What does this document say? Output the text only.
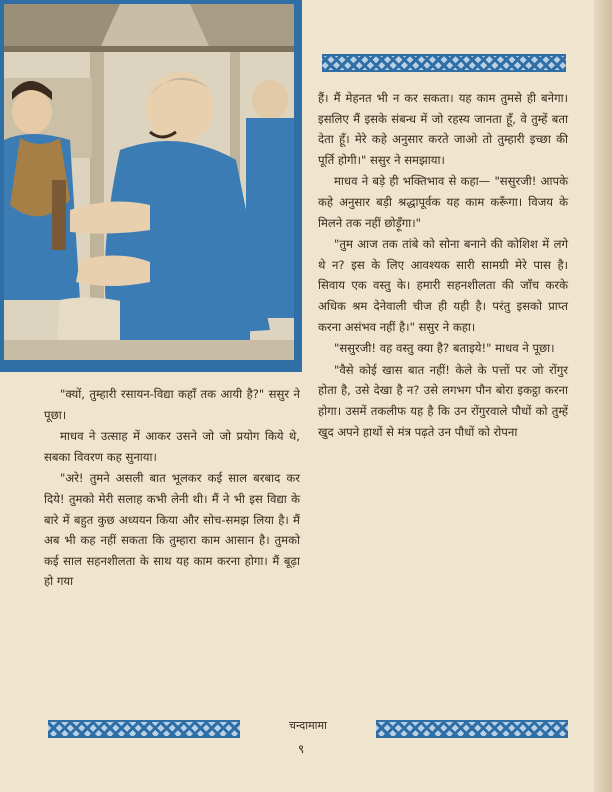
हैं। मैं मेहनत भी न कर सकता। यह काम तुमसे ही बनेगा। इसलिए मैं इसके संबन्ध में जो रहस्य जानता हूँ, वे तुम्हें बता देता हूँ। मेरे कहे अनुसार करते जाओ तो तुम्हारी इच्छा की पूर्ति होगी।" ससुर ने समझाया।

माधव ने बड़े ही भक्तिभाव से कहा— "ससुरजी! आपके कहे अनुसार बड़ी श्रद्धापूर्वक यह काम करूँगा। विजय के मिलने तक नहीं छोड़ूँगा।"

"तुम आज तक तांबे को सोना बनाने की कोशिश में लगे थे न? इस के लिए आवश्यक सारी सामग्री मेरे पास है। सिवाय एक वस्तु के। हमारी सहनशीलता की जाँच करके अधिक श्रम देनेवाली चीज ही यही है। परंतु इसको प्राप्त करना असंभव नहीं है।" ससुर ने कहा।

"ससुरजी! वह वस्तु क्या है? बताइये!" माधव ने पूछा।

"वैसे कोई खास बात नहीं! केले के पत्तों पर जो रोंगुर होता है, उसे देखा है न? उसे लगभग पौन बोरा इकट्ठा करना होगा। उसमें तकलीफ यह है कि उन रोंगुरवाले पौधों को तुम्हें खुद अपने हाथों से मंत्र पढ़ते उन पौधों को रोपना

"क्यों, तुम्हारी रसायन-विद्या कहाँ तक आयी है?" ससुर ने पूछा।

माधव ने उत्साह में आकर उसने जो जो प्रयोग किये थे, सबका विवरण कह सुनाया।

"अरे! तुमने असली बात भूलकर कई साल बरबाद कर दिये! तुमको मेरी सलाह कभी लेनी थी। मैं ने भी इस विद्या के बारे में बहुत कुछ अध्ययन किया और सोच-समझ लिया है। मैं अब भी कह नहीं सकता कि तुम्हारा काम आसान है। तुमको कई साल सहनशीलता के साथ यह काम करना होगा। मैं बूढ़ा हो गया

चन्दामामा
९
